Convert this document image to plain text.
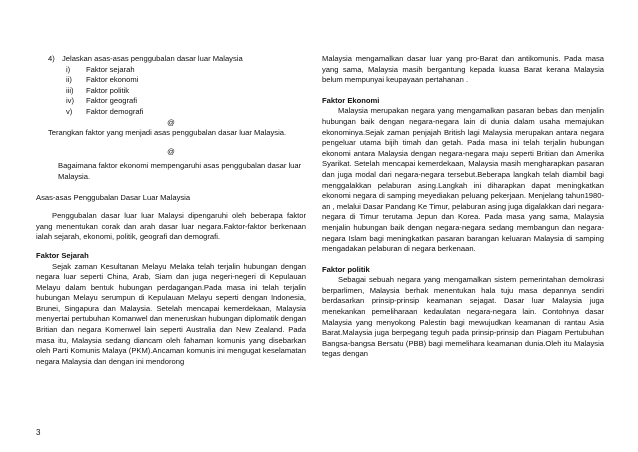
4) Jelaskan asas-asas penggubalan dasar luar Malaysia
i)	Faktor sejarah
ii)	Faktor ekonomi
iii)	Faktor politik
iv)	Faktor geografi
v)	Faktor demografi

@

Terangkan faktor yang menjadi asas penggubalan dasar luar Malaysia.

@

Bagaimana faktor ekonomi mempengaruhi asas penggubalan dasar luar Malaysia.

Asas-asas Penggubalan Dasar Luar Malaysia

Penggubalan dasar luar luar Malaysi dipengaruhi oleh beberapa faktor yang menentukan corak dan arah dasar luar negara.Faktor-faktor berkenaan ialah sejarah, ekonomi, politik, geografi dan demografi.

Faktor Sejarah

Sejak zaman Kesultanan Melayu Melaka telah terjalin hubungan dengan negara luar seperti China, Arab, Siam dan juga negeri-negeri di Kepulauan Melayu dalam bentuk hubungan perdagangan.Pada masa ini telah terjalin hubungan Melayu serumpun di Kepulauan Melayu seperti dengan Indonesia, Brunei, Singapura dan Malaysia. Setelah mencapai kemerdekaan, Malaysia menyertai pertubuhan Komanwel dan meneruskan hubungan diplomatik dengan Britian dan negara Komenwel lain seperti Australia dan New Zealand. Pada masa itu, Malaysia sedang diancam oleh fahaman komunis yang disebarkan oleh Parti Komunis Malaya (PKM).Ancaman komunis ini mengugat keselamatan negara Malaysia dan dengan ini mendorong

Malaysia mengamalkan dasar luar yang pro-Barat dan antikomunis. Pada masa yang sama, Malaysia masih bergantung kepada kuasa Barat kerana Malaysia belum mempunyai keupayaan pertahanan .

Faktor Ekonomi

Malaysia merupakan negara yang mengamalkan pasaran bebas dan menjalin hubungan baik dengan negara-negara lain di dunia dalam usaha memajukan ekonominya.Sejak zaman penjajah British lagi Malaysia merupakan antara negara pengeluar utama bijih timah dan getah. Pada masa ini telah terjalin hubungan ekonomi antara Malaysia dengan negara-negara maju seperti Britian dan Amerika Syarikat. Setelah mencapai kemerdekaan, Malaysia masih mengharapkan pasaran dan juga modal dari negara-negara tersebut.Beberapa langkah telah diambil bagi menggalakkan pelaburan asing.Langkah ini diharapkan dapat meningkatkan ekonomi negara di samping meyediakan peluang pekerjaan. Menjelang tahun1980-an , melalui Dasar Pandang Ke Timur, pelaburan asing juga digalakkan dari negara-negara di Timur terutama Jepun dan Korea. Pada masa yang sama, Malaysia menjalin hubungan baik dengan negara-negara sedang membangun dan negara-negara Islam bagi meningkatkan pasaran barangan keluaran Malaysia di samping mengadakan pelaburan di negara berkenaan.

Faktor politik

Sebagai sebuah negara yang mengamalkan sistem pemerintahan demokrasi berparlimen, Malaysia berhak menentukan hala tuju masa depannya sendiri berdasarkan prinsip-prinsip keamanan sejagat. Dasar luar Malaysia juga menekankan pemeliharaan kedaulatan negara-negara lain. Contohnya dasar Malaysia yang menyokong Palestin bagi mewujudkan keamanan di rantau Asia Barat.Malaysia juga berpegang teguh pada prinsip-prinsip dan Piagam Pertubuhan Bangsa-bangsa Bersatu (PBB) bagi memelihara keamanan dunia.Oleh itu Malaysia tegas dengan

3
